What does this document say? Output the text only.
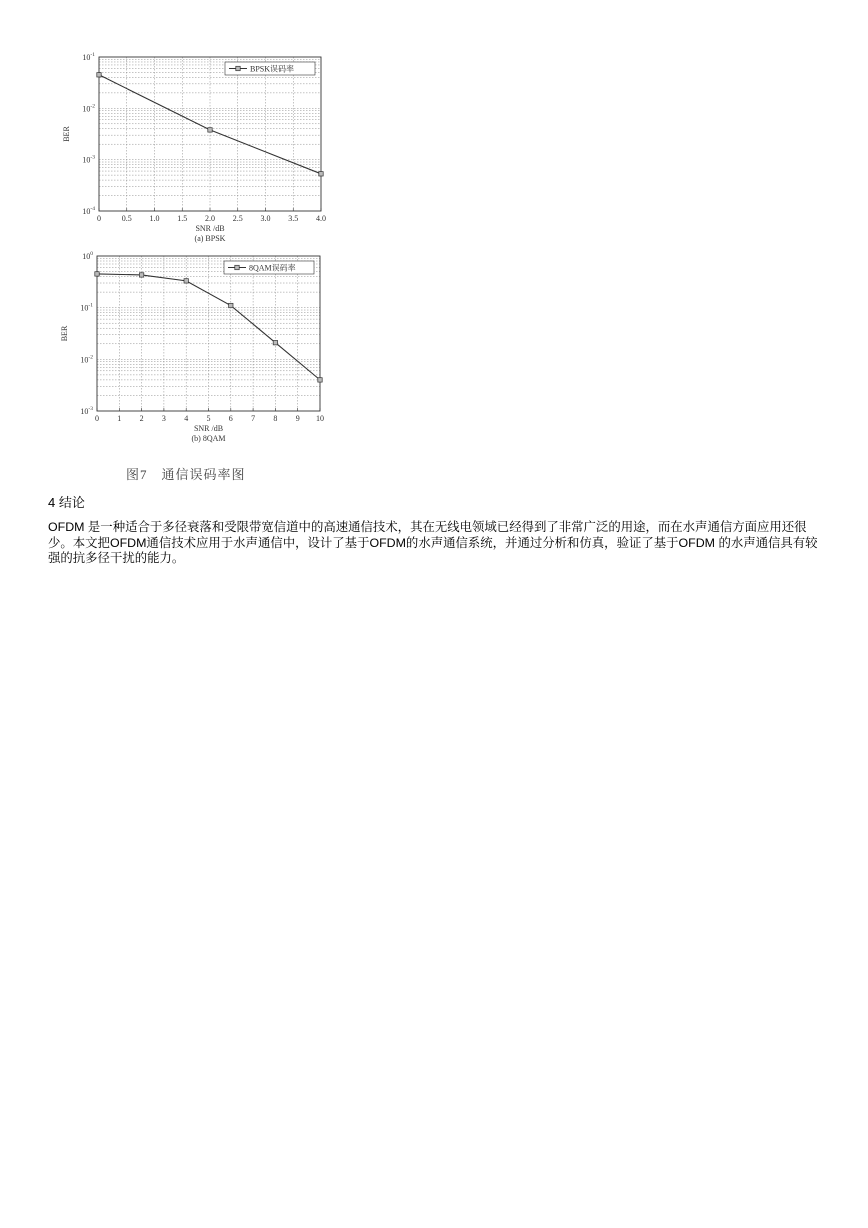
0	0.5 1.0 1.5 2.0 2.5 3.0 3.5 4.0
$10^{-4}$
$10^{-3}$
$10^{-2}$
$10^{-1}$
SNR /dB
BER
(a) BPSK
BPSK误码率
0 1 2 3 4 5 6 7 8 9 10
$10^{-3}$
$10^{-2}$
$10^{-1}$
$10^0$
SNR /dB
BER
(b) 8QAM
8QAM误码率
图7　通信误码率图
4 结论

OFDM 是一种适合于多径衰落和受限带宽信道中的高速通信技术，其在无线电领域已经得到了非常广泛的用途，而在水声通信方面应用还很少。本文把OFDM通信技术应用于水声通信中，设计了基于OFDM的水声通信系统，并通过分析和仿真，验证了基于OFDM 的水声通信具有较强的抗多径干扰的能力。
